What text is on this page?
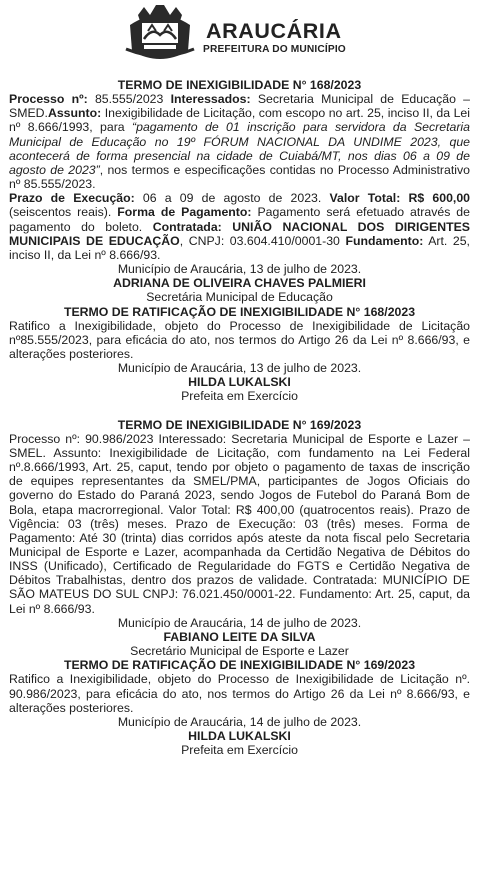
ARAUCÁRIA
PREFEITURA DO MUNICÍPIO

TERMO DE INEXIGIBILIDADE N° 168/2023

Processo nº: 85.555/2023 Interessados: Secretaria Municipal de Educação – SMED.Assunto: Inexigibilidade de Licitação, com escopo no art. 25, inciso II, da Lei nº 8.666/1993, para “pagamento de 01 inscrição para servidora da Secretaria Municipal de Educação no 19º FÓRUM NACIONAL DA UNDIME 2023, que acontecerá de forma presencial na cidade de Cuiabá/MT, nos dias 06 a 09 de agosto de 2023”, nos termos e especificações contidas no Processo Administrativo nº 85.555/2023.

Prazo de Execução: 06 a 09 de agosto de 2023. Valor Total: R$ 600,00 (seiscentos reais). Forma de Pagamento: Pagamento será efetuado através de pagamento do boleto. Contratada: UNIÃO NACIONAL DOS DIRIGENTES MUNICIPAIS DE EDUCAÇÃO, CNPJ: 03.604.410/0001-30 Fundamento: Art. 25, inciso II, da Lei nº 8.666/93.

Município de Araucária, 13 de julho de 2023.

ADRIANA DE OLIVEIRA CHAVES PALMIERI

Secretária Municipal de Educação

TERMO DE RATIFICAÇÃO DE INEXIGIBILIDADE N° 168/2023

Ratifico a Inexigibilidade, objeto do Processo de Inexigibilidade de Licitação nº85.555/2023, para eficácia do ato, nos termos do Artigo 26 da Lei nº 8.666/93, e alterações posteriores.

Município de Araucária, 13 de julho de 2023.

HILDA LUKALSKI

Prefeita em Exercício

TERMO DE INEXIGIBILIDADE N° 169/2023

Processo nº: 90.986/2023 Interessado: Secretaria Municipal de Esporte e Lazer – SMEL. Assunto: Inexigibilidade de Licitação, com fundamento na Lei Federal nº.8.666/1993, Art. 25, caput, tendo por objeto o pagamento de taxas de inscrição de equipes representantes da SMEL/PMA, participantes de Jogos Oficiais do governo do Estado do Paraná 2023, sendo Jogos de Futebol do Paraná Bom de Bola, etapa macrorregional. Valor Total: R$ 400,00 (quatrocentos reais). Prazo de Vigência: 03 (três) meses. Prazo de Execução: 03 (três) meses. Forma de Pagamento: Até 30 (trinta) dias corridos após ateste da nota fiscal pelo Secretaria Municipal de Esporte e Lazer, acompanhada da Certidão Negativa de Débitos do INSS (Unificado), Certificado de Regularidade do FGTS e Certidão Negativa de Débitos Trabalhistas, dentro dos prazos de validade. Contratada: MUNICÍPIO DE SÃO MATEUS DO SUL CNPJ: 76.021.450/0001-22. Fundamento: Art. 25, caput, da Lei nº 8.666/93.

Município de Araucária, 14 de julho de 2023.

FABIANO LEITE DA SILVA

Secretário Municipal de Esporte e Lazer

TERMO DE RATIFICAÇÃO DE INEXIGIBILIDADE N° 169/2023

Ratifico a Inexigibilidade, objeto do Processo de Inexigibilidade de Licitação nº. 90.986/2023, para eficácia do ato, nos termos do Artigo 26 da Lei nº 8.666/93, e alterações posteriores.

Município de Araucária, 14 de julho de 2023.

HILDA LUKALSKI

Prefeita em Exercício
